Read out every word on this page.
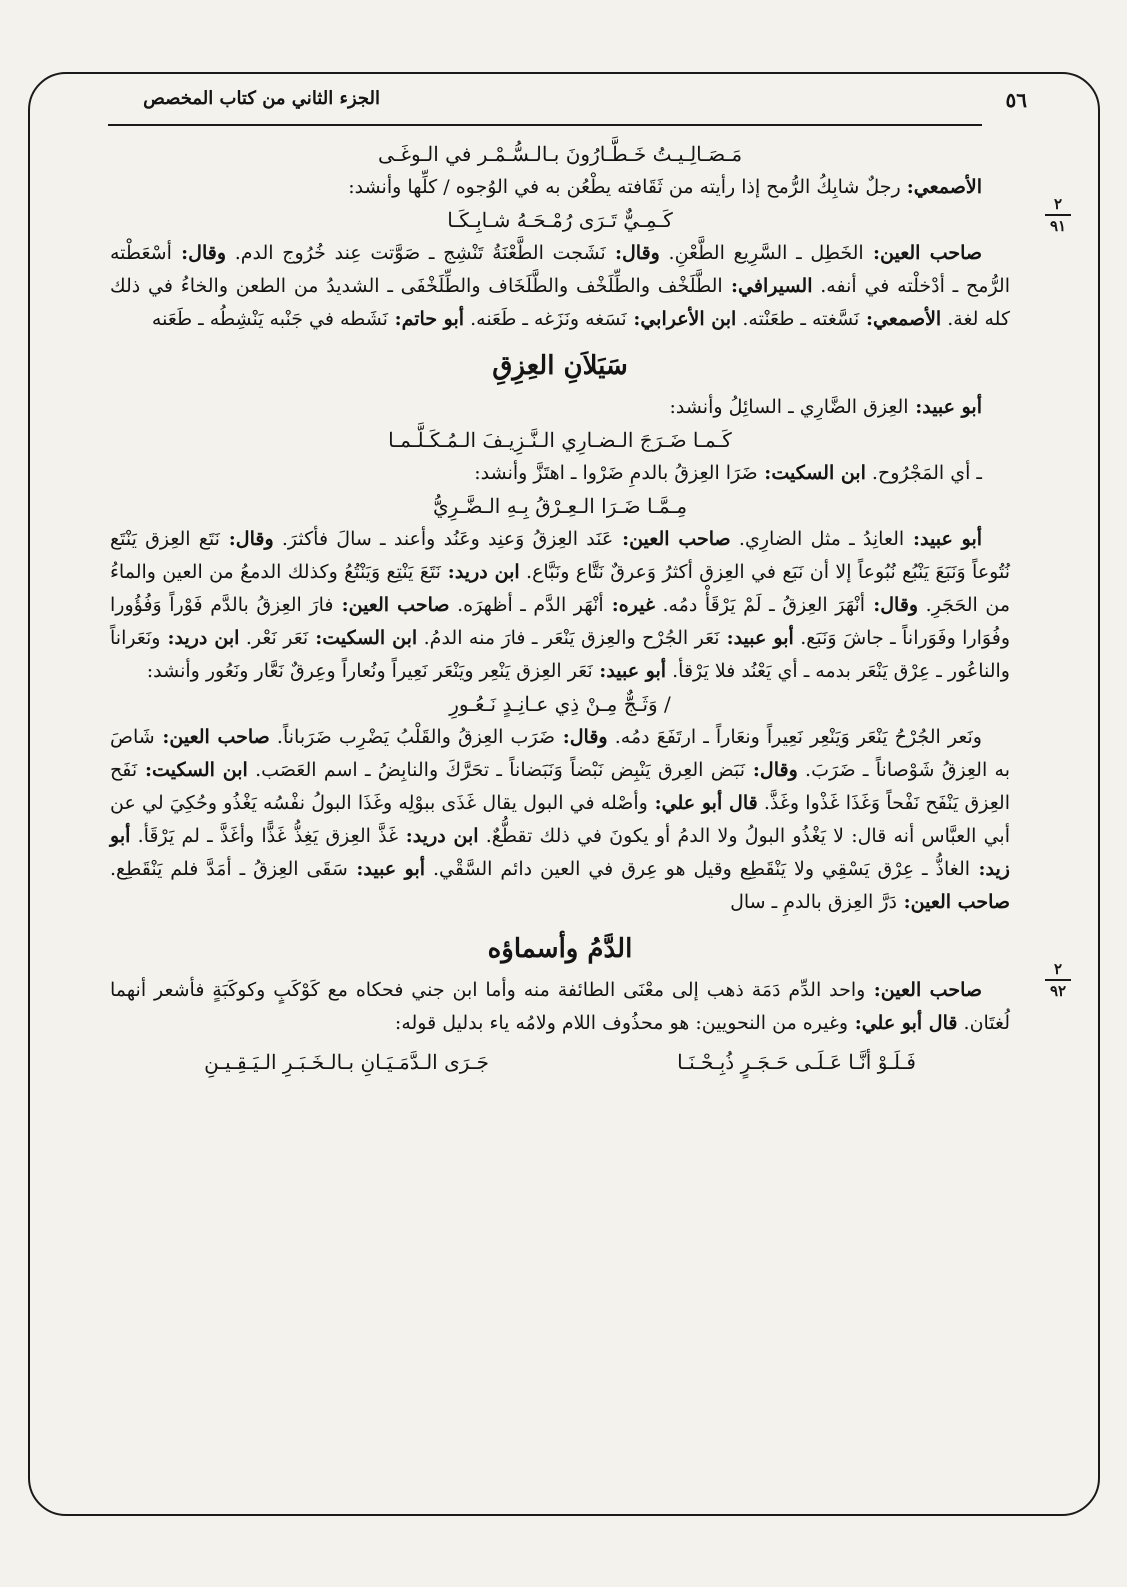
٥٦
الجزء الثاني من كتاب المخصص
٢
٩١
٢
٩٢

مَـصَـالِـيـتُ خَـطَّـارُونَ بـالـسُّـمْـر في الـوغَـى

الأصمعي: رجلٌ شابِكُ الرُّمح إذا رأيته من ثَقَافته يطْعُن به في الوُجوه / كلِّها وأنشد:

كَـمِـيٌّ تَـرَى رُمْـحَـهُ شـابِـكَـا

صاحب العين: الخَطِل ـ السَّرِيع الطَّعْنِ. وقال: نَشَجت الطَّعْنَةُ تَنْشِج ـ صَوَّتت عِند خُرُوج الدم. وقال: أسْعَطْته الرُّمح ـ أدْخلْته في أنفه. السيرافي: الطَّلَخْف والطِّلَخْف والطَّلَخَاف والطِّلَخْفَى ـ الشديدُ من الطعن والخاءُ في ذلك كله لغة. الأصمعي: نَسَّغته ـ طعَنْته. ابن الأعرابي: نَسَغه ونَزَغه ـ طَعَنه. أبو حاتم: نَشَطه في جَنْبه يَنْشِطُه ـ طَعَنه

سَيَلاَنِ العِزِقِ

أبو عبيد: العِزق الضَّارِي ـ السائِلُ وأنشد:

كَـمـا ضَـرَجَ الـضـارِي الـنَّـزِيـفَ الـمُـكَـلَّـمـا

ـ أي المَجْرُوح. ابن السكيت: ضَرَا العِزقُ بالدمِ ضَرْوا ـ اهتَزَّ وأنشد:

مِـمَّـا ضَـرَا الـعِـرْقُ بِـهِ الـضَّـرِيُّ

أبو عبيد: العانِدُ ـ مثل الضارِي. صاحب العين: عَنَد العِزقُ وَعنِد وعَنُد وأعند ـ سالَ فأكثرَ. وقال: نَتَع العِزق يَنْتَع نُتُوعاً وَنَبَعَ يَنْبُع نُبُوعاً إلا أن نَبَع في العِزق أكثرُ وَعرقٌ نَتَّاع ونَبَّاع. ابن دريد: نَتَعَ يَنْتِع وَيَنْتُعُ وكذلك الدمعُ من العين والماءُ من الحَجَرِ. وقال: أنْهَرَ العِزقُ ـ لَمْ يَرْقَأْ دمُه. غيره: أنْهَر الدَّم ـ أظهرَه. صاحب العين: فارَ العِزقُ بالدَّم فَوْراً وَفُؤُورا وفُوَارا وفَوَراناً ـ جاشَ وَنَبَع. أبو عبيد: نَعَر الجُرْح والعِزق يَنْعَر ـ فارَ منه الدمُ. ابن السكيت: نَعَر نَعْر. ابن دريد: ونَعَراناً والناعُور ـ عِرْق يَنْعَر بدمه ـ أي يَعْنُد فلا يَرْقأ. أبو عبيد: نَعَر العِزق يَنْعِر ويَنْعَر نَعِيراً ونُعاراً وعِرقٌ نَعَّار ونَعُور وأنشد:

/ وَثَـجٌّ مِـنْ ذِي عـانِـدٍ نَـعُـورِ

ونَعر الجُرْحُ يَنْعَر وَيَنْعِر نَعِيراً ونعَاراً ـ ارتَفَعَ دمُه. وقال: ضَرَب العِزقُ والقَلْبُ يَضْرِب ضَرَباناً. صاحب العين: شَاصَ به العِزقُ شَوْصاناً ـ ضَرَبَ. وقال: نَبَض العِرق يَنْبِض نَبْضاً وَنَبَضاناً ـ تحَرَّكَ والنابِضُ ـ اسم العَصَب. ابن السكيت: نَفَح العِزق يَنْفَح نَفْحاً وَغَذَا غَذْوا وغَذَّ. قال أبو علي: وأصْله في البول يقال غَذَى ببوْلِه وغَذَا البولُ نفْسُه يَغْذُو وحُكِيَ لي عن أبي العبَّاس أنه قال: لا يَغْذُو البولُ ولا الدمُ أو يكونَ في ذلك تقطُّعٌ. ابن دريد: غَذَّ العِزق يَغِذُّ غَذًّا وأغَذَّ ـ لم يَرْقَأ. أبو زيد: الغاذُّ ـ عِرْق يَسْقِي ولا يَنْقَطِع وقيل هو عِرق في العين دائم السَّقْي. أبو عبيد: سَقَى العِزقُ ـ أمَدَّ فلم يَنْقَطِع. صاحب العين: دَرَّ العِزق بالدمِ ـ سال

الدَّمُ وأسماؤه

صاحب العين: واحد الدِّم دَمَة ذهب إلى معْنَى الطائفة منه وأما ابن جني فحكاه مع كَوْكَبٍ وكوكَبَةٍ فأشعر أنهما لُغتَان. قال أبو علي: وغيره من النحويين: هو محذُوف اللام ولامُه ياء بدليل قوله:

فَـلَـوْ أنَّـا عَـلَـى حَـجَـرٍ ذُبِـحْـنَـا
جَـرَى الـدَّمَـيَـانِ بـالـخَـبَـرِ الـيَـقِـيـنِ
